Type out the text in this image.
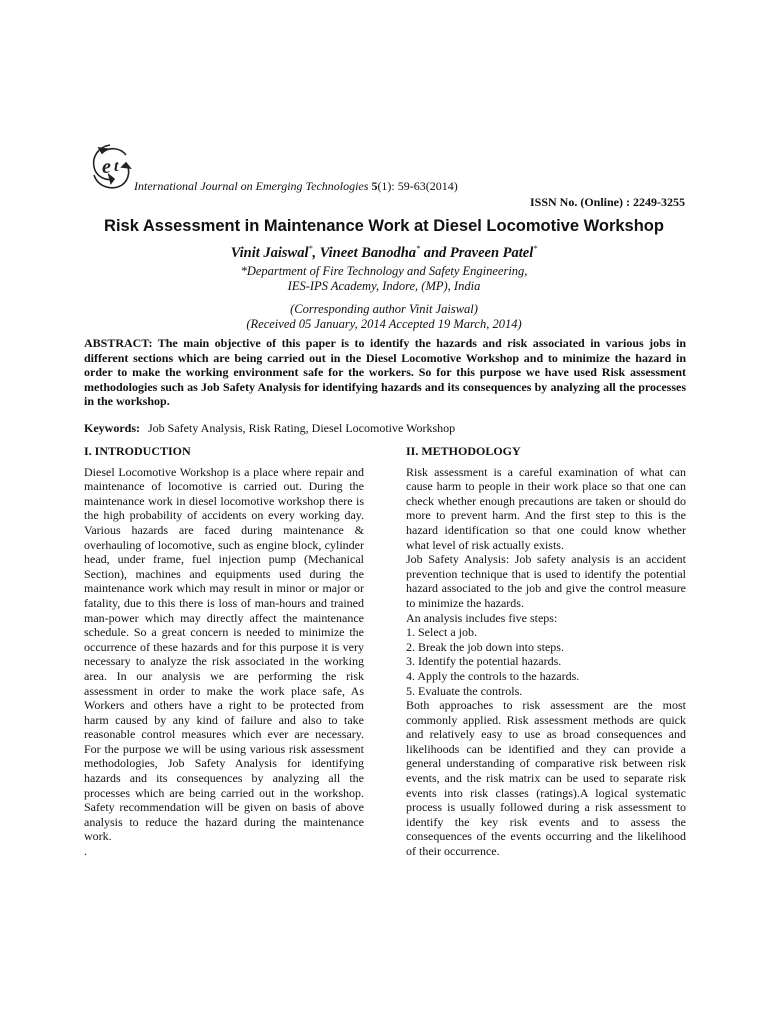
e t
International Journal on Emerging Technologies 5(1): 59-63(2014)
ISSN No. (Online) : 2249-3255
Risk Assessment in Maintenance Work at Diesel Locomotive Workshop
Vinit Jaiswal*, Vineet Banodha* and Praveen Patel*
*Department of Fire Technology and Safety Engineering,
IES-IPS Academy, Indore, (MP), India
(Corresponding author Vinit Jaiswal)
(Received 05 January, 2014 Accepted 19 March, 2014)
ABSTRACT: The main objective of this paper is to identify the hazards and risk associated in various jobs in different sections which are being carried out in the Diesel Locomotive Workshop and to minimize the hazard in order to make the working environment safe for the workers. So for this purpose we have used Risk assessment methodologies such as Job Safety Analysis for identifying hazards and its consequences by analyzing all the processes in the workshop.
Keywords: Job Safety Analysis, Risk Rating, Diesel Locomotive Workshop
I. INTRODUCTION

Diesel Locomotive Workshop is a place where repair and maintenance of locomotive is carried out. During the maintenance work in diesel locomotive workshop there is the high probability of accidents on every working day. Various hazards are faced during maintenance & overhauling of locomotive, such as engine block, cylinder head, under frame, fuel injection pump (Mechanical Section), machines and equipments used during the maintenance work which may result in minor or major or fatality, due to this there is loss of man-hours and trained man-power which may directly affect the maintenance schedule. So a great concern is needed to minimize the occurrence of these hazards and for this purpose it is very necessary to analyze the risk associated in the working area. In our analysis we are performing the risk assessment in order to make the work place safe, As Workers and others have a right to be protected from harm caused by any kind of failure and also to take reasonable control measures which ever are necessary. For the purpose we will be using various risk assessment methodologies, Job Safety Analysis for identifying hazards and its consequences by analyzing all the processes which are being carried out in the workshop. Safety recommendation will be given on basis of above analysis to reduce the hazard during the maintenance work.

.
II. METHODOLOGY

Risk assessment is a careful examination of what can cause harm to people in their work place so that one can check whether enough precautions are taken or should do more to prevent harm. And the first step to this is the hazard identification so that one could know whether what level of risk actually exists.

Job Safety Analysis: Job safety analysis is an accident prevention technique that is used to identify the potential hazard associated to the job and give the control measure to minimize the hazards.

An analysis includes five steps:

1. Select a job.
2. Break the job down into steps.
3. Identify the potential hazards.
4. Apply the controls to the hazards.
5. Evaluate the controls.

Both approaches to risk assessment are the most commonly applied. Risk assessment methods are quick and relatively easy to use as broad consequences and likelihoods can be identified and they can provide a general understanding of comparative risk between risk events, and the risk matrix can be used to separate risk events into risk classes (ratings).A logical systematic process is usually followed during a risk assessment to identify the key risk events and to assess the consequences of the events occurring and the likelihood of their occurrence.
